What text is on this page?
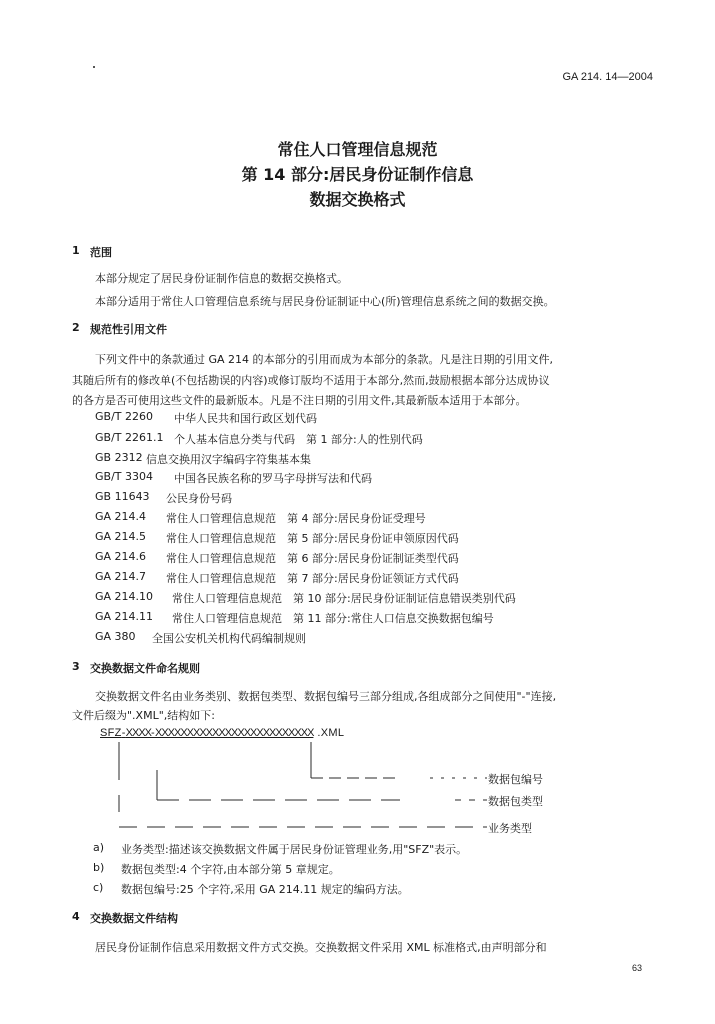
GA 214. 14—2004
常住人口管理信息规范
第 14 部分:居民身份证制作信息
数据交换格式
1 范围
本部分规定了居民身份证制作信息的数据交换格式。
本部分适用于常住人口管理信息系统与居民身份证制证中心(所)管理信息系统之间的数据交换。
2 规范性引用文件
下列文件中的条款通过 GA 214 的本部分的引用而成为本部分的条款。凡是注日期的引用文件,
其随后所有的修改单(不包括勘误的内容)或修订版均不适用于本部分,然而,鼓励根据本部分达成协议
的各方是否可使用这些文件的最新版本。凡是不注日期的引用文件,其最新版本适用于本部分。
GB/T 2260 中华人民共和国行政区划代码
GB/T 2261.1 个人基本信息分类与代码　第 1 部分:人的性别代码
GB 2312 信息交换用汉字编码字符集基本集
GB/T 3304 中国各民族名称的罗马字母拼写法和代码
GB 11643 公民身份号码
GA 214.4 常住人口管理信息规范　第 4 部分:居民身份证受理号
GA 214.5 常住人口管理信息规范　第 5 部分:居民身份证申领原因代码
GA 214.6 常住人口管理信息规范　第 6 部分:居民身份证制证类型代码
GA 214.7 常住人口管理信息规范　第 7 部分:居民身份证领证方式代码
GA 214.10 常住人口管理信息规范　第 10 部分:居民身份证制证信息错误类别代码
GA 214.11 常住人口管理信息规范　第 11 部分:常住人口信息交换数据包编号
GA 380 全国公安机关机构代码编制规则
3 交换数据文件命名规则
交换数据文件名由业务类别、数据包类型、数据包编号三部分组成,各组成部分之间使用"-"连接,
文件后缀为".XML",结构如下:
SFZ-XXXX-XXXXXXXXXXXXXXXXXXXXXXXXX .XML
数据包编号
数据包类型
业务类型
a) 业务类型:描述该交换数据文件属于居民身份证管理业务,用"SFZ"表示。
b) 数据包类型:4 个字符,由本部分第 5 章规定。
c) 数据包编号:25 个字符,采用 GA 214.11 规定的编码方法。
4 交换数据文件结构
居民身份证制作信息采用数据文件方式交换。交换数据文件采用 XML 标准格式,由声明部分和
63
